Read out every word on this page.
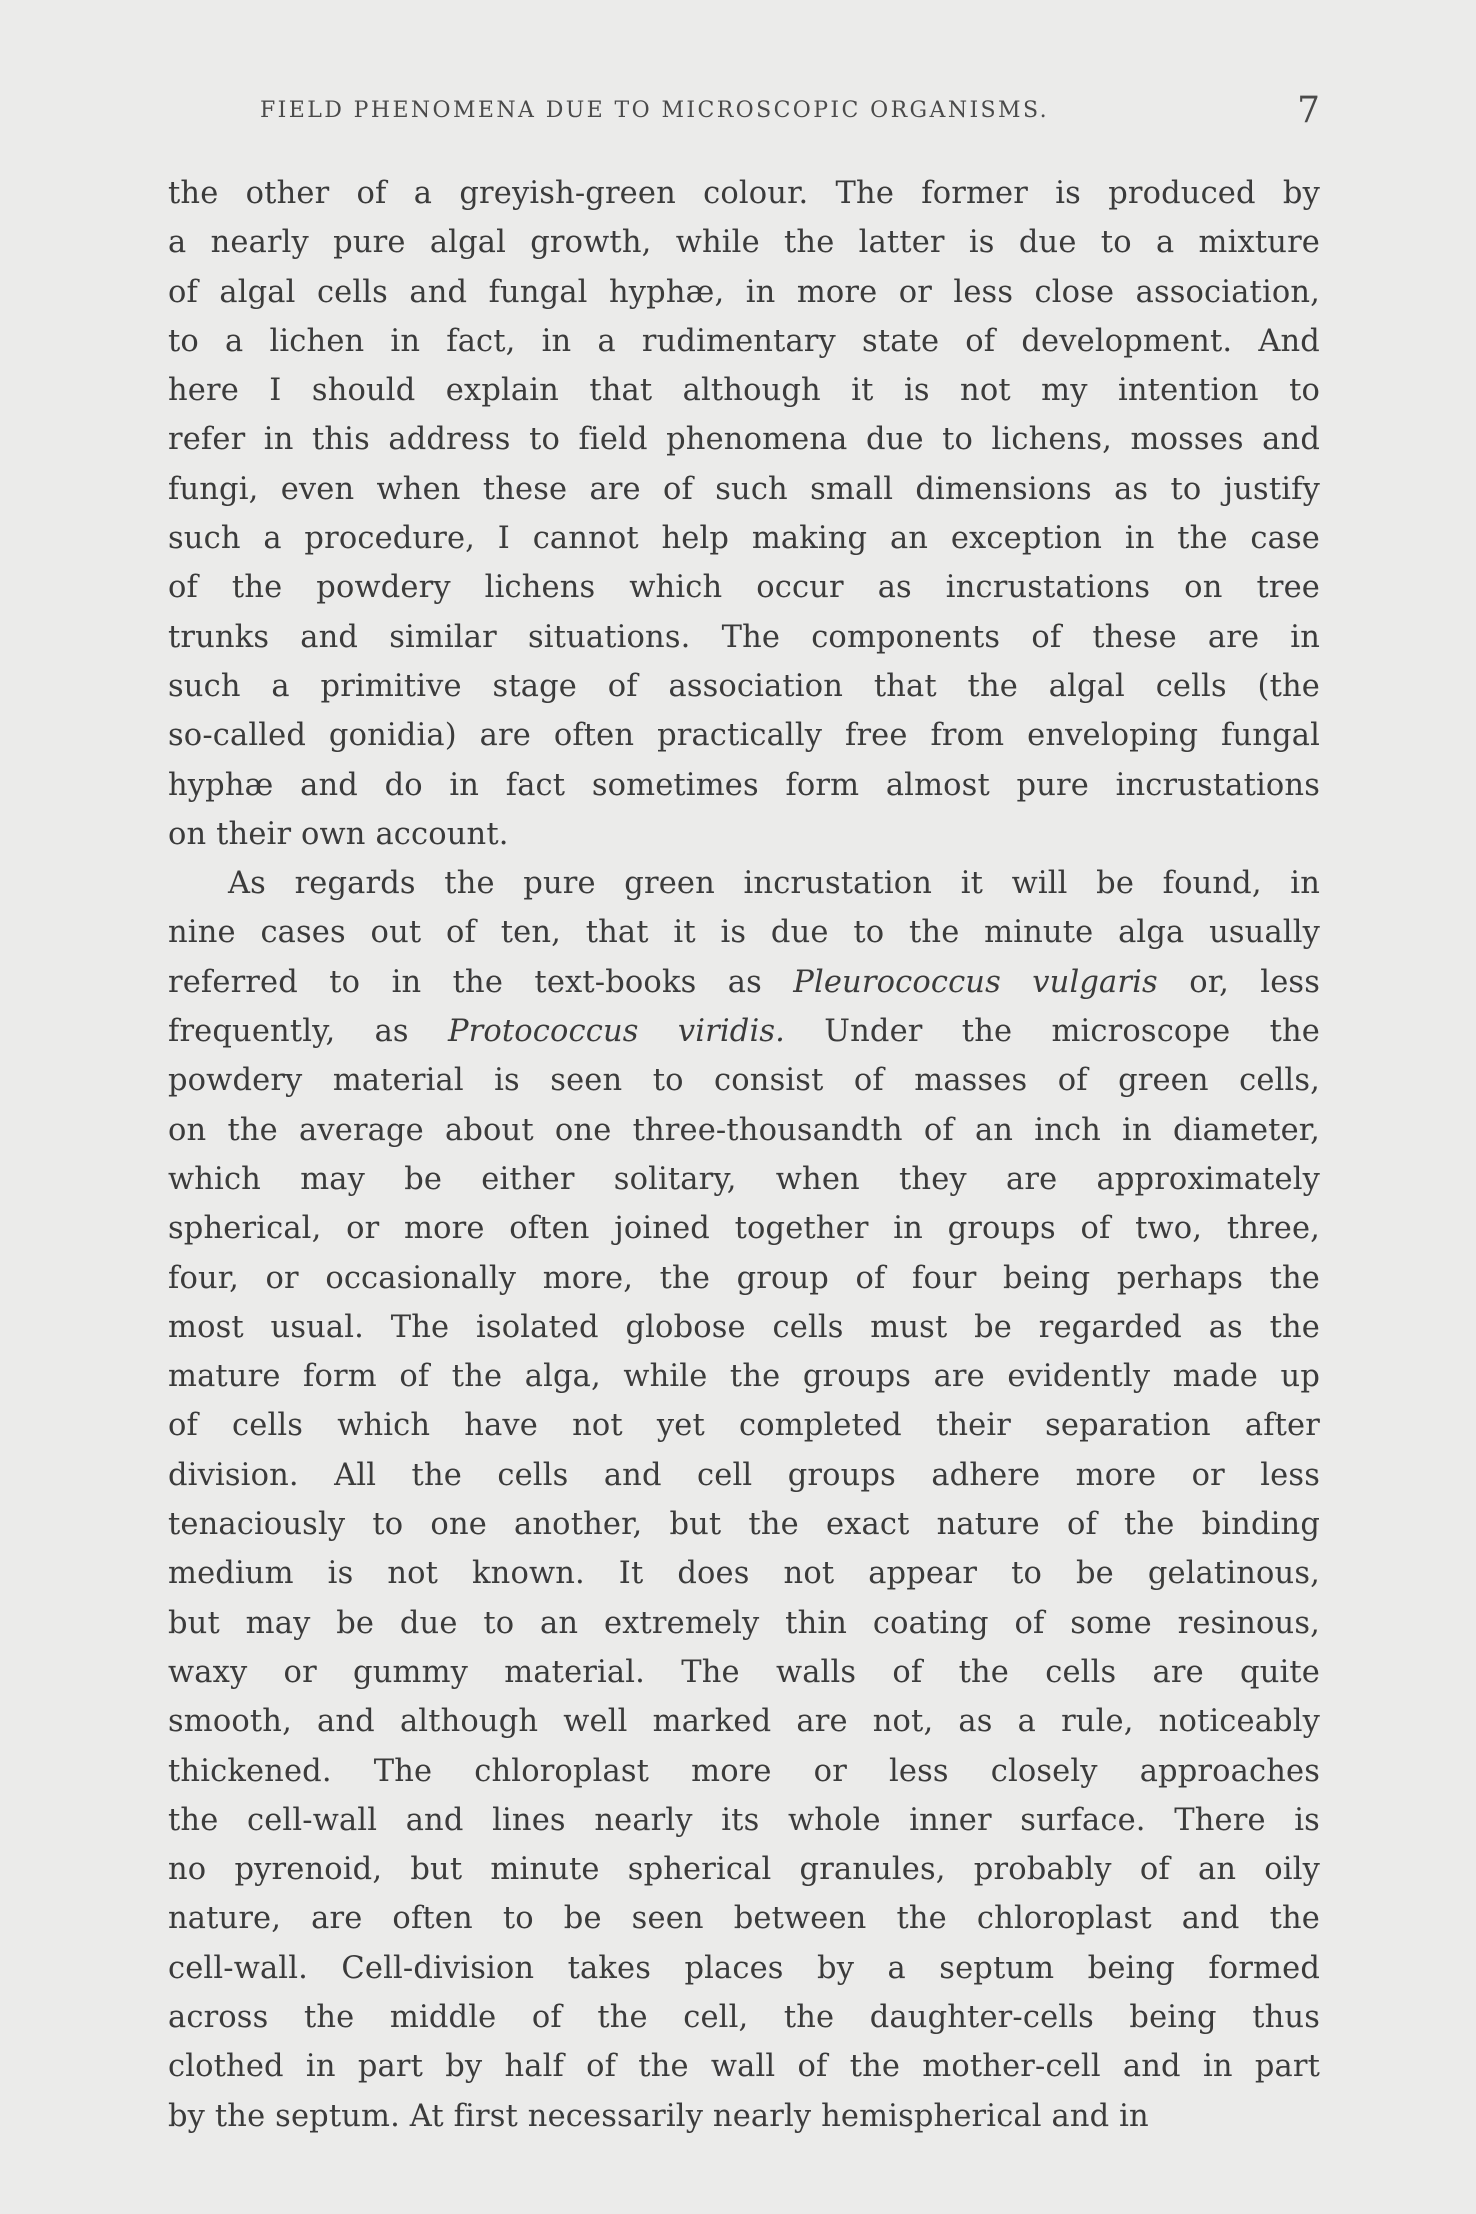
FIELD PHENOMENA DUE TO MICROSCOPIC ORGANISMS.	7
the other of a greyish-green colour. The former is produced by
a nearly pure algal growth, while the latter is due to a mixture
of algal cells and fungal hyphæ, in more or less close association,
to a lichen in fact, in a rudimentary state of development. And
here I should explain that although it is not my intention to
refer in this address to field phenomena due to lichens, mosses and
fungi, even when these are of such small dimensions as to justify
such a procedure, I cannot help making an exception in the case
of the powdery lichens which occur as incrustations on tree
trunks and similar situations. The components of these are in
such a primitive stage of association that the algal cells (the
so-called gonidia) are often practically free from enveloping fungal
hyphæ and do in fact sometimes form almost pure incrustations
on their own account.
As regards the pure green incrustation it will be found, in
nine cases out of ten, that it is due to the minute alga usually
referred to in the text-books as Pleurococcus vulgaris or, less
frequently, as Protococcus viridis. Under the microscope the
powdery material is seen to consist of masses of green cells,
on the average about one three-thousandth of an inch in diameter,
which may be either solitary, when they are approximately
spherical, or more often joined together in groups of two, three,
four, or occasionally more, the group of four being perhaps the
most usual. The isolated globose cells must be regarded as the
mature form of the alga, while the groups are evidently made up
of cells which have not yet completed their separation after
division. All the cells and cell groups adhere more or less
tenaciously to one another, but the exact nature of the binding
medium is not known. It does not appear to be gelatinous,
but may be due to an extremely thin coating of some resinous,
waxy or gummy material. The walls of the cells are quite
smooth, and although well marked are not, as a rule, noticeably
thickened. The chloroplast more or less closely approaches
the cell-wall and lines nearly its whole inner surface. There is
no pyrenoid, but minute spherical granules, probably of an oily
nature, are often to be seen between the chloroplast and the
cell-wall. Cell-division takes places by a septum being formed
across the middle of the cell, the daughter-cells being thus
clothed in part by half of the wall of the mother-cell and in part
by the septum. At first necessarily nearly hemispherical and in
